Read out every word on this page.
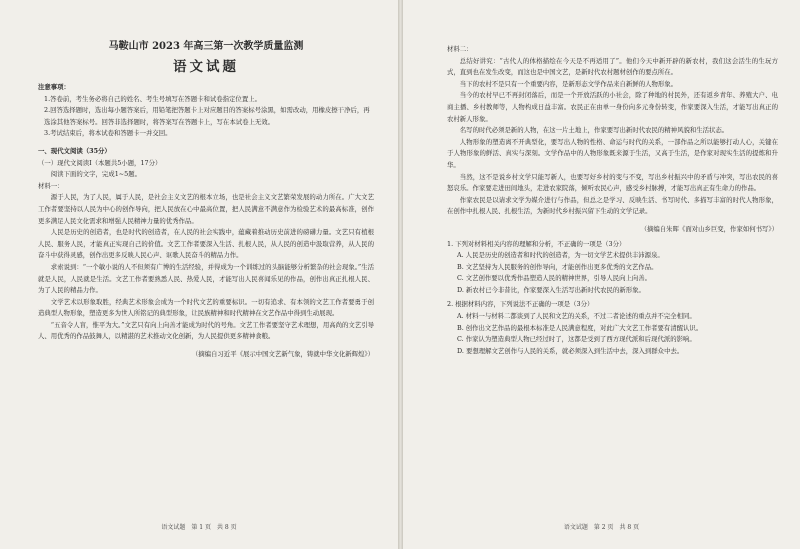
马鞍山市 2023 年高三第一次教学质量监测
语文试题
注意事项：
1.答卷前，考生务必将自己的姓名、考生号填写在答题卡和试卷指定位置上。
2.回答选择题时，选出每小题答案后，用铅笔把答题卡上对应题目的答案标号涂黑，如需改动，用橡皮擦干净后，再选涂其他答案标号。回答非选择题时，将答案写在答题卡上，写在本试卷上无效。
3.考试结束后，将本试卷和答题卡一并交回。
一、现代文阅读（35分）
（一）现代文阅读Ⅰ（本题共5小题，17分）
阅读下面的文字，完成1~5题。
材料一：
源于人民，为了人民，属于人民，是社会主义文艺的根本立场，也是社会主义文艺繁荣发展的动力所在。广大文艺工作者要坚持以人民为中心的创作导向，把人民放在心中最高位置，把人民满意不满意作为检验艺术的最高标准，创作更多满足人民文化需求和增强人民精神力量的优秀作品。
人民是历史的创造者，也是时代的创造者，在人民的社会实践中，蕴藏着推动历史前进的磅礴力量。文艺只有植根人民、服务人民，才能真正实现自己的价值。文艺工作者要深入生活、扎根人民，从人民的创造中汲取营养，从人民的奋斗中获得灵感，创作出更多反映人民心声、讴歌人民奋斗的精品力作。
求索说到：“一个敏小说的人不但须有广博的生活经验，并得成为一个训练过的头脑能够分析繁杂的社会现象。”生活就是人民，人民就是生活。文艺工作者要熟悉人民、热爱人民，才能写出人民喜闻乐见的作品，创作出真正扎根人民、为了人民的精品力作。
文学艺术以形象取胜，经典艺术形象会成为一个时代文艺的重要标识。一切有追求、有本领的文艺工作者要勇于创造典型人物形象，塑造更多为世人所铭记的典型形象，让民族精神和时代精神在文艺作品中得到生动展现。
“五音令人盲，惟平为大。”文艺只有向上向善才能成为时代的号角。文艺工作者要坚守艺术理想，用高尚的文艺引导人、用优秀的作品鼓舞人，以精湛的艺术推动文化创新，为人民提供更多精神食粮。
（摘编自习近平《展示中国文艺新气象，铸就中华文化新辉煌》）
语文试题　第 1 页　共 8 页
材料二：
总结好讲究：“古代人的体格描绘在今天是不再适用了”。他们今天中新开辟的新农村，我们这会活生的生玩方式，直到也在发生改变，而这也是中国文艺，是新时代农村题材创作的要点所在。
当下的农村不是只有一个重要内容，是新形态文学作品来自新鲜的人物形象。
当今的农村早已不再封闭落后，而是一个开放活跃的小社会，除了种地的村民外，还有返乡青年、养殖大户、电商主播、乡村教师等，人物构成日益丰富。农民正在由单一身份向多元身份转变，作家要深入生活，才能写出真正的农村新人形象。
名写的时代必须是新的人物，在这一片土地上，作家要写出新时代农民的精神风貌和生活状态。
人物形象的塑造离不开典型化，要写出人物的性格、命运与时代的关系，一部作品之所以能够打动人心，关键在于人物形象的鲜活、真实与深刻。文学作品中的人物形象既来源于生活，又高于生活，是作家对现实生活的提炼和升华。
当然，这不是说乡村文学只能写新人，也要写好乡村的变与不变，写出乡村振兴中的矛盾与冲突，写出农民的喜怒哀乐。作家要走进田间地头，走进农家院落，倾听农民心声，感受乡村脉搏，才能写出真正有生命力的作品。
作家农民是以请求文学为媒介进行与作品，但总之是学习、反映生活、书写时代、多描写丰富的时代人物形象，在创作中扎根人民、扎根生活，为新时代乡村振兴留下生动的文学记录。
（摘编自朱晖《面对山乡巨变，作家如何书写》）
1. 下列对材料相关内容的理解和分析，不正确的一项是（3分）
A. 人民是历史的创造者和时代的创造者，为一切文学艺术提供丰沛源泉。
B. 文艺坚持为人民服务的创作导向，才能创作出更多优秀的文艺作品。
C. 文艺创作要以优秀作品塑造人民的精神世界，引导人民向上向善。
D. 新农村已今非昔比，作家要深入生活写出新时代农民的新形象。
2. 根据材料内容，下列说法不正确的一项是（3分）
A. 材料一与材料二都谈到了人民和文艺的关系，不过二者论述的重点并不完全相同。
B. 创作出文艺作品的最根本标准是人民满意程度，对此广大文艺工作者要有清醒认识。
C. 作家认为塑造典型人物已经过时了，这都是受到了西方现代派和后现代派的影响。
D. 要想理解文艺创作与人民的关系，就必须深入到生活中去，深入到群众中去。
语文试题　第 2 页　共 8 页
